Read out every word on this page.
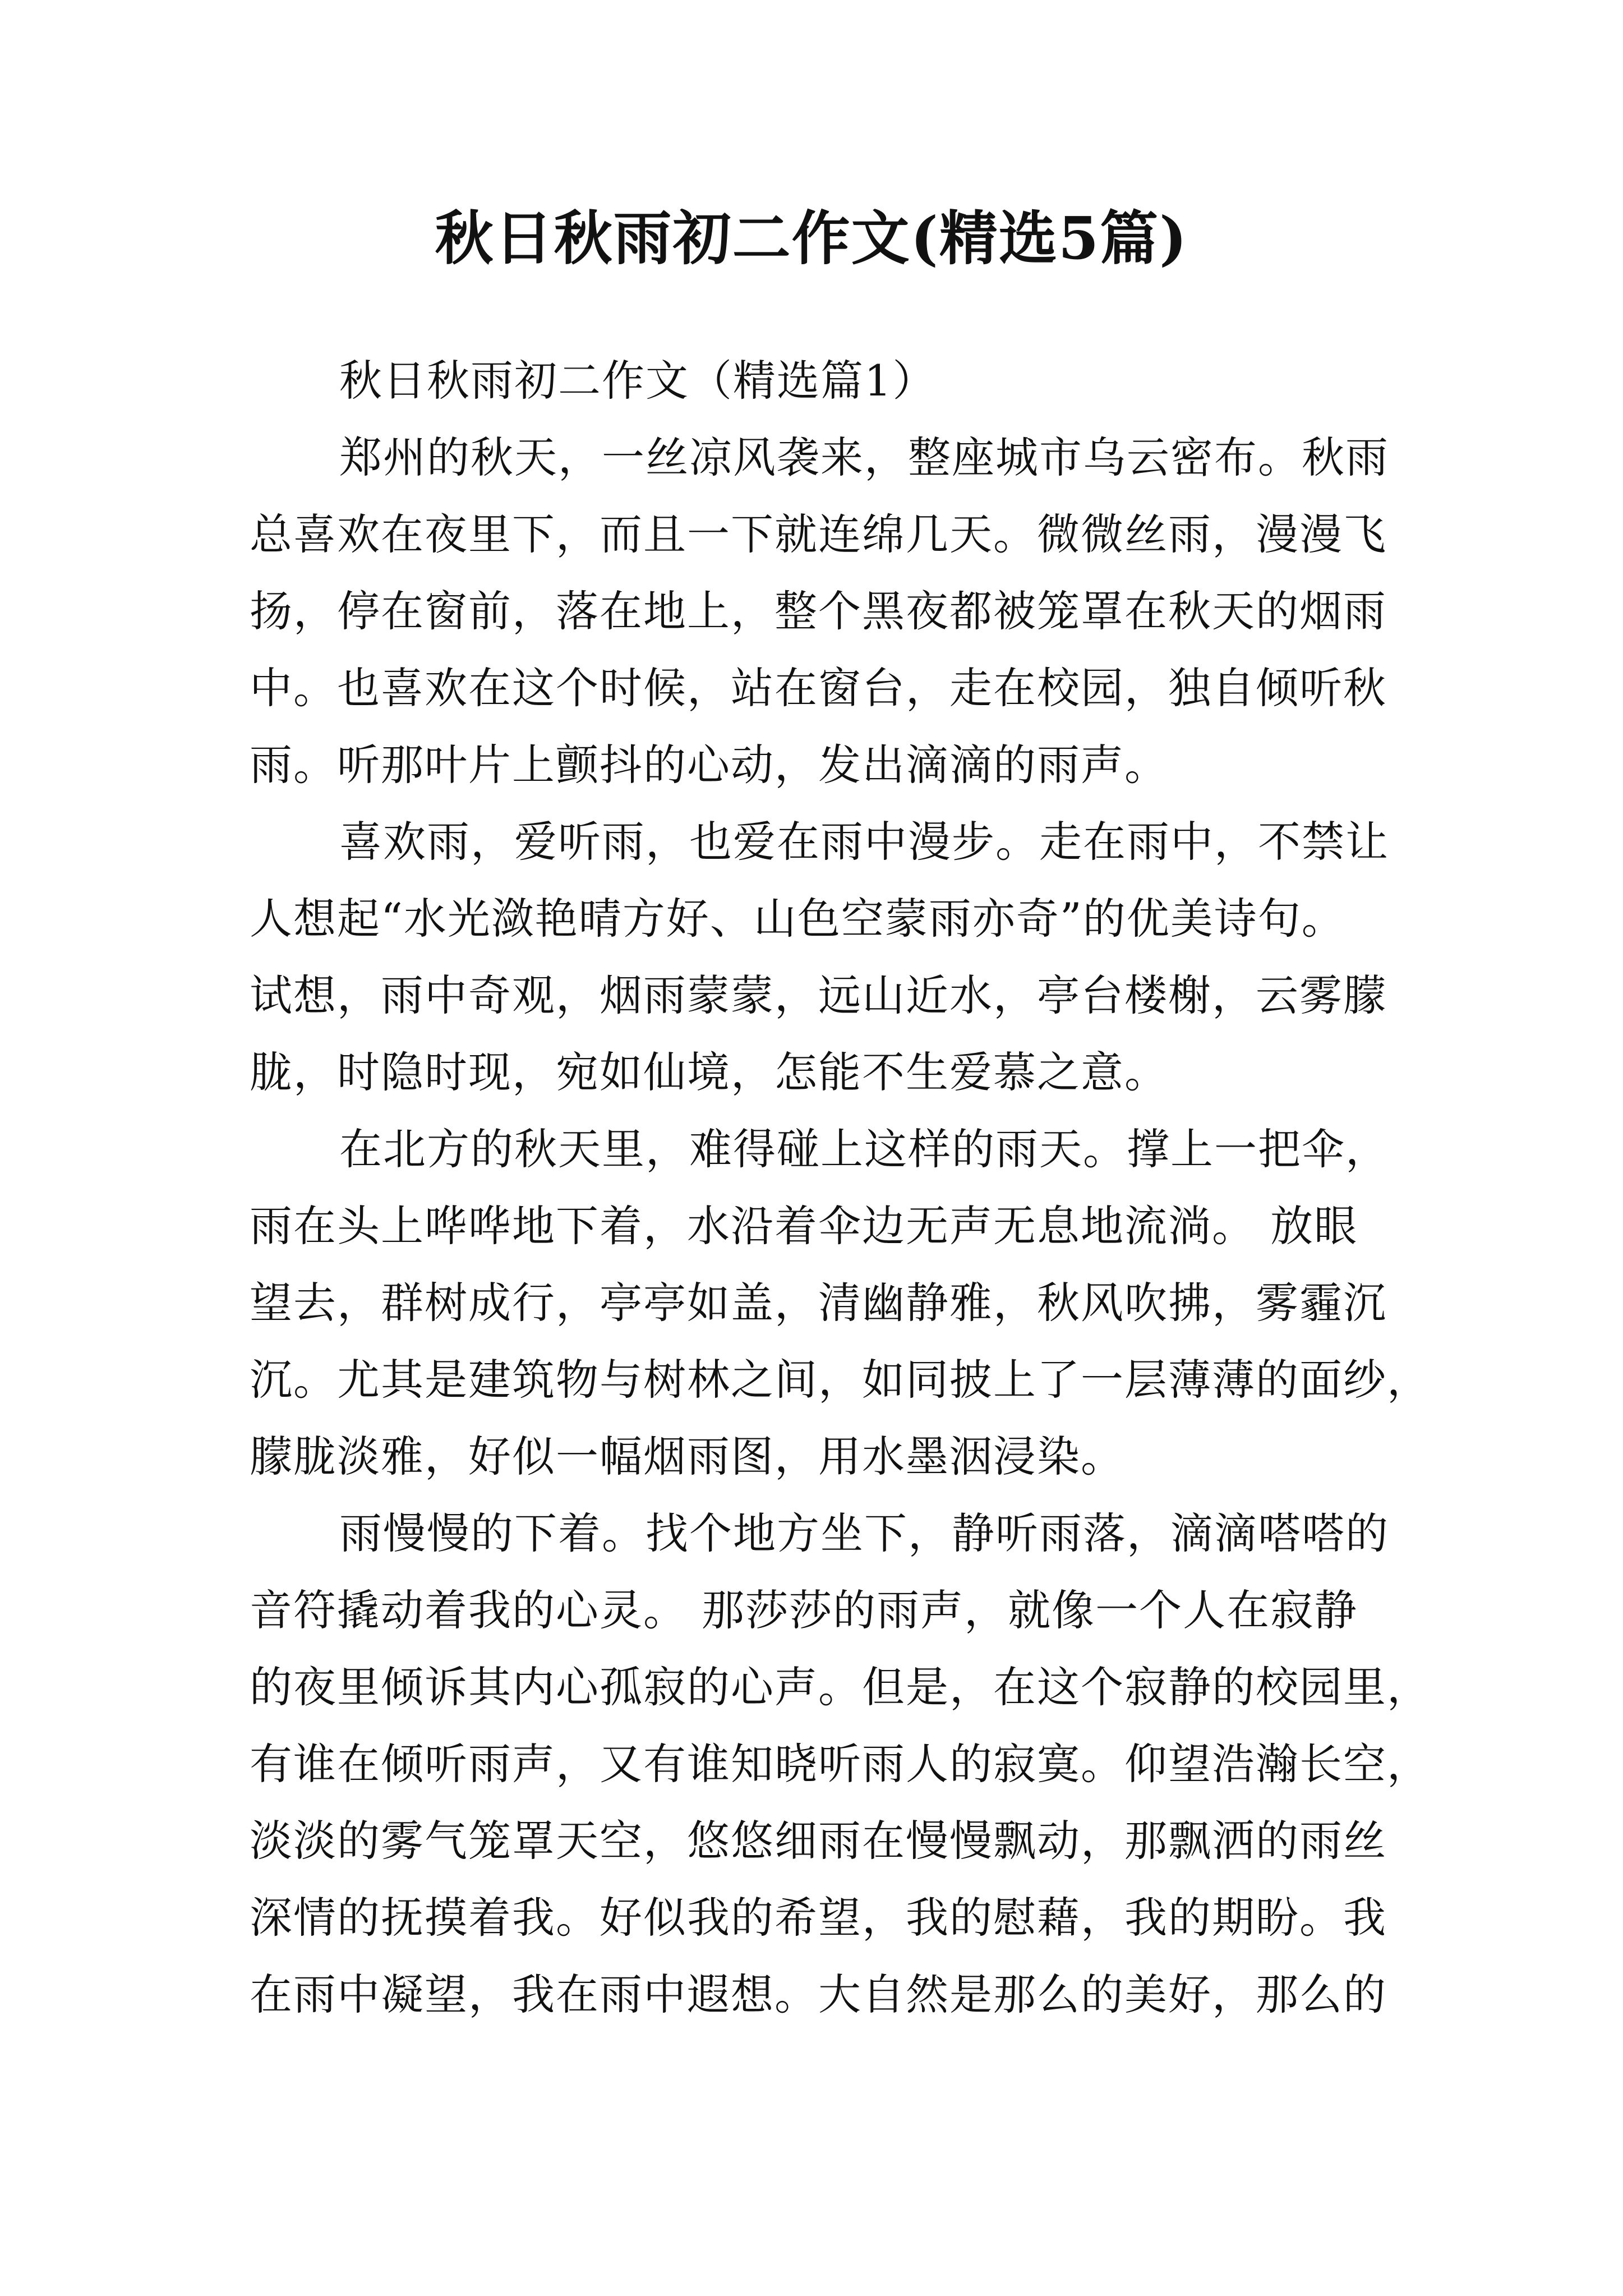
秋日秋雨初二作文(精选5篇)
秋日秋雨初二作文（精选篇1）
郑州的秋天，一丝凉风袭来，整座城市乌云密布。秋雨
总喜欢在夜里下，而且一下就连绵几天。微微丝雨，漫漫飞
扬，停在窗前，落在地上，整个黑夜都被笼罩在秋天的烟雨
中。也喜欢在这个时候，站在窗台，走在校园，独自倾听秋
雨。听那叶片上颤抖的心动，发出滴滴的雨声。
喜欢雨，爱听雨，也爱在雨中漫步。走在雨中，不禁让
人想起“水光潋艳晴方好、山色空蒙雨亦奇”的优美诗句。
试想，雨中奇观，烟雨蒙蒙，远山近水，亭台楼榭，云雾朦
胧，时隐时现，宛如仙境，怎能不生爱慕之意。
在北方的秋天里，难得碰上这样的雨天。撑上一把伞，
雨在头上哗哗地下着，水沿着伞边无声无息地流淌。 放眼
望去，群树成行，亭亭如盖，清幽静雅，秋风吹拂，雾霾沉
沉。尤其是建筑物与树林之间，如同披上了一层薄薄的面纱，
朦胧淡雅，好似一幅烟雨图，用水墨洇浸染。
雨慢慢的下着。找个地方坐下，静听雨落，滴滴嗒嗒的
音符撬动着我的心灵。 那莎莎的雨声，就像一个人在寂静
的夜里倾诉其内心孤寂的心声。但是，在这个寂静的校园里，
有谁在倾听雨声，又有谁知晓听雨人的寂寞。仰望浩瀚长空，
淡淡的雾气笼罩天空，悠悠细雨在慢慢飘动，那飘洒的雨丝
深情的抚摸着我。好似我的希望，我的慰藉，我的期盼。我
在雨中凝望，我在雨中遐想。大自然是那么的美好，那么的
